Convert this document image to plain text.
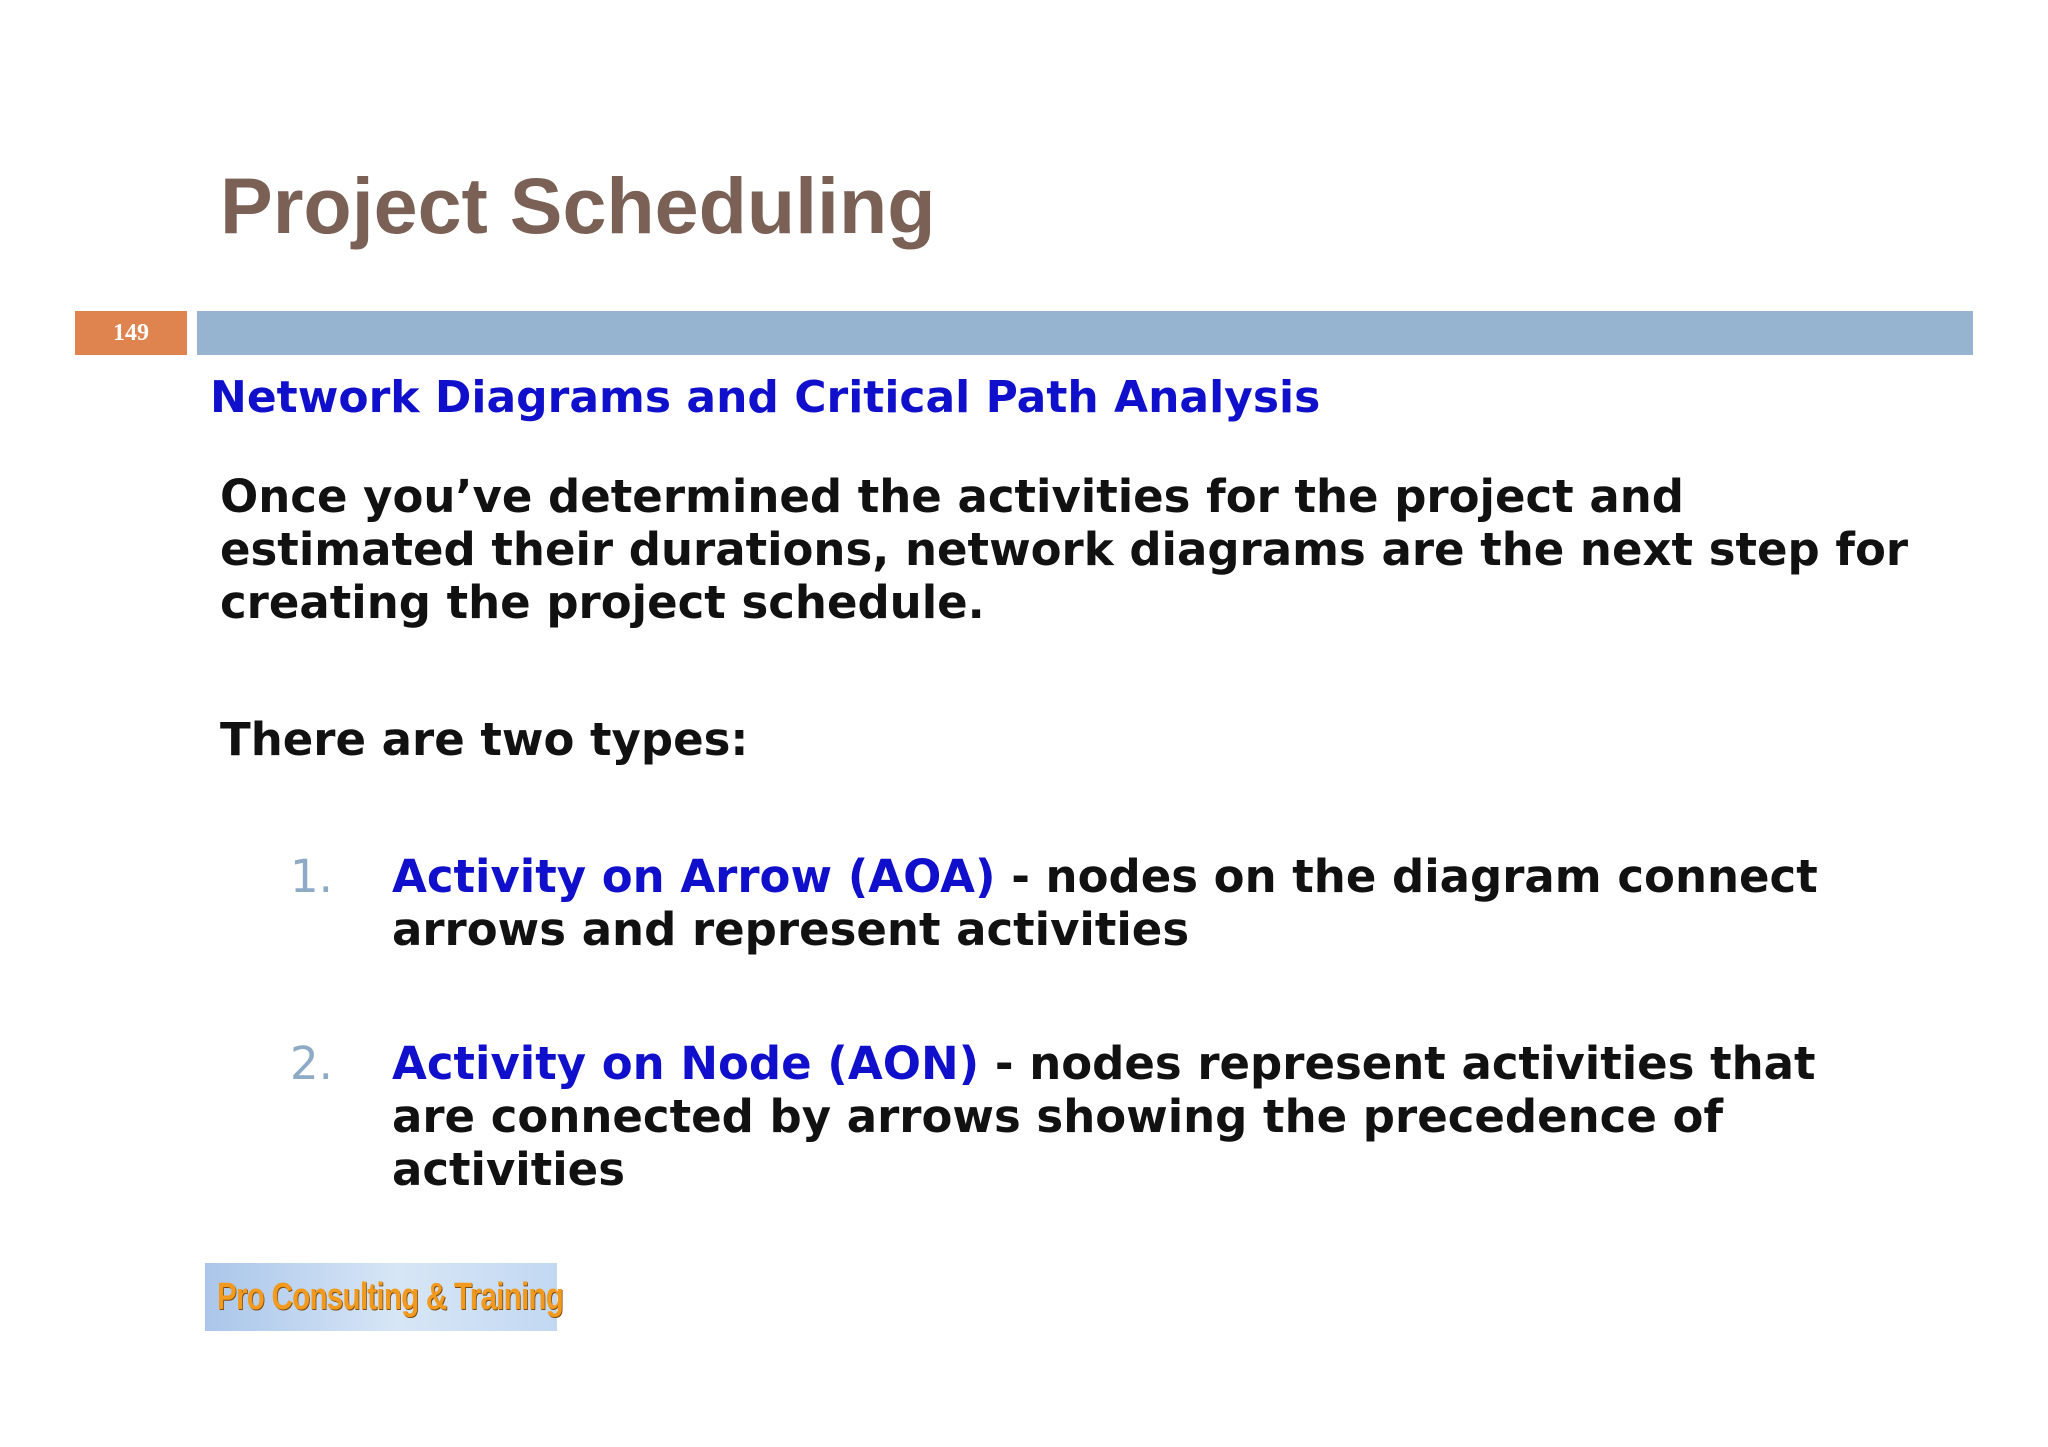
Project Scheduling
149
Network Diagrams and Critical Path Analysis

Once you’ve determined the activities for the project and estimated their durations, network diagrams are the next step for creating the project schedule.

There are two types:

1. Activity on Arrow (AOA) - nodes on the diagram connect arrows and represent activities
2. Activity on Node (AON) - nodes represent activities that are connected by arrows showing the precedence of activities
Pro Consulting & Training
